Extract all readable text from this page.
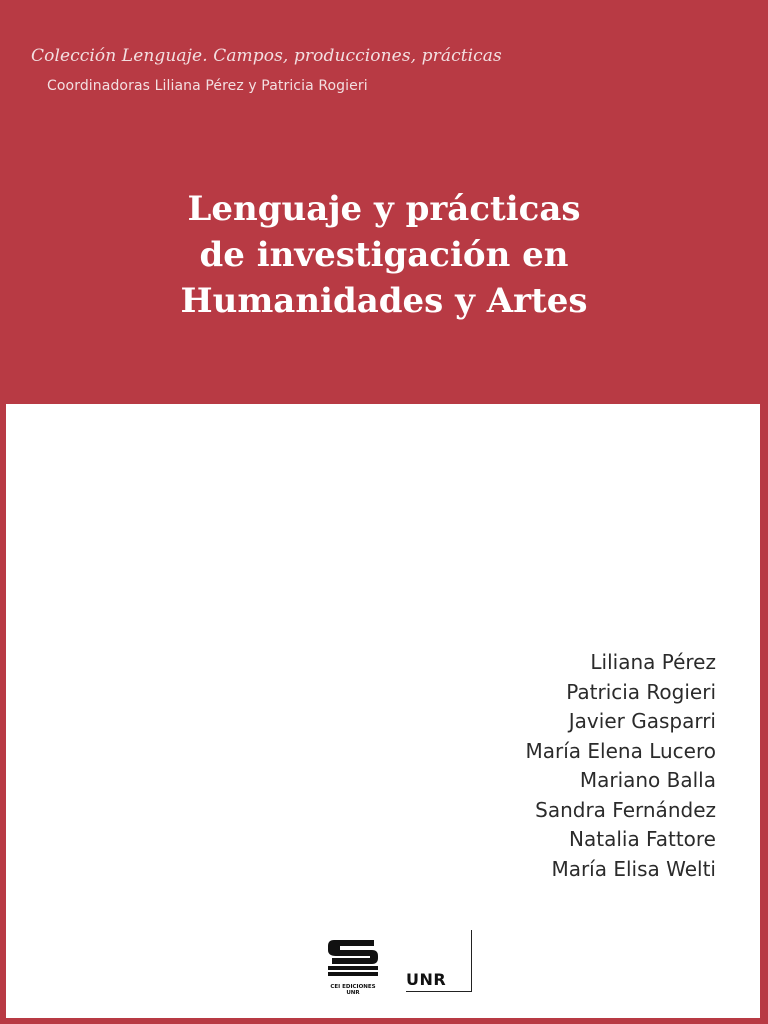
Colección Lenguaje. Campos, producciones, prácticas
Coordinadoras Liliana Pérez y Patricia Rogieri
Lenguaje y prácticas
de investigación en
Humanidades y Artes
Liliana Pérez
Patricia Rogieri
Javier Gasparri
María Elena Lucero
Mariano Balla
Sandra Fernández
Natalia Fattore
María Elisa Welti
CEI EDICIONES
UNR
UNR
